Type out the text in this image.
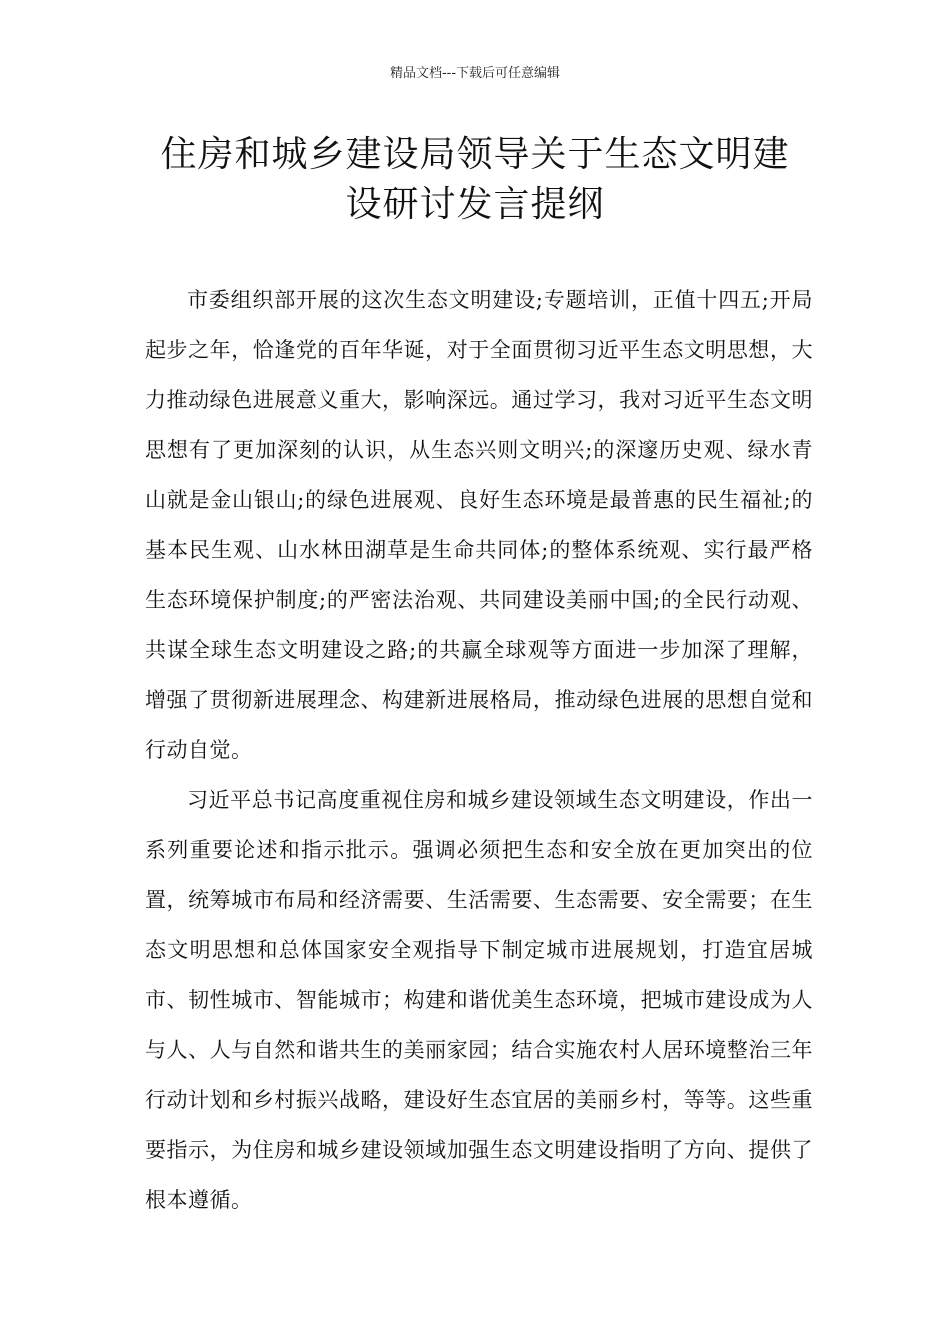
精品文档---下载后可任意编辑
住房和城乡建设局领导关于生态文明建
设研讨发言提纲

市委组织部开展的这次生态文明建设;专题培训，正值十四五;开局起步之年，恰逢党的百年华诞，对于全面贯彻习近平生态文明思想，大力推动绿色进展意义重大，影响深远。通过学习，我对习近平生态文明思想有了更加深刻的认识，从生态兴则文明兴;的深邃历史观、绿水青山就是金山银山;的绿色进展观、良好生态环境是最普惠的民生福祉;的基本民生观、山水林田湖草是生命共同体;的整体系统观、实行最严格生态环境保护制度;的严密法治观、共同建设美丽中国;的全民行动观、共谋全球生态文明建设之路;的共赢全球观等方面进一步加深了理解，增强了贯彻新进展理念、构建新进展格局，推动绿色进展的思想自觉和行动自觉。

习近平总书记高度重视住房和城乡建设领域生态文明建设，作出一系列重要论述和指示批示。强调必须把生态和安全放在更加突出的位置，统筹城市布局和经济需要、生活需要、生态需要、安全需要；在生态文明思想和总体国家安全观指导下制定城市进展规划，打造宜居城市、韧性城市、智能城市；构建和谐优美生态环境，把城市建设成为人与人、人与自然和谐共生的美丽家园；结合实施农村人居环境整治三年行动计划和乡村振兴战略，建设好生态宜居的美丽乡村，等等。这些重要指示，为住房和城乡建设领域加强生态文明建设指明了方向、提供了根本遵循。
